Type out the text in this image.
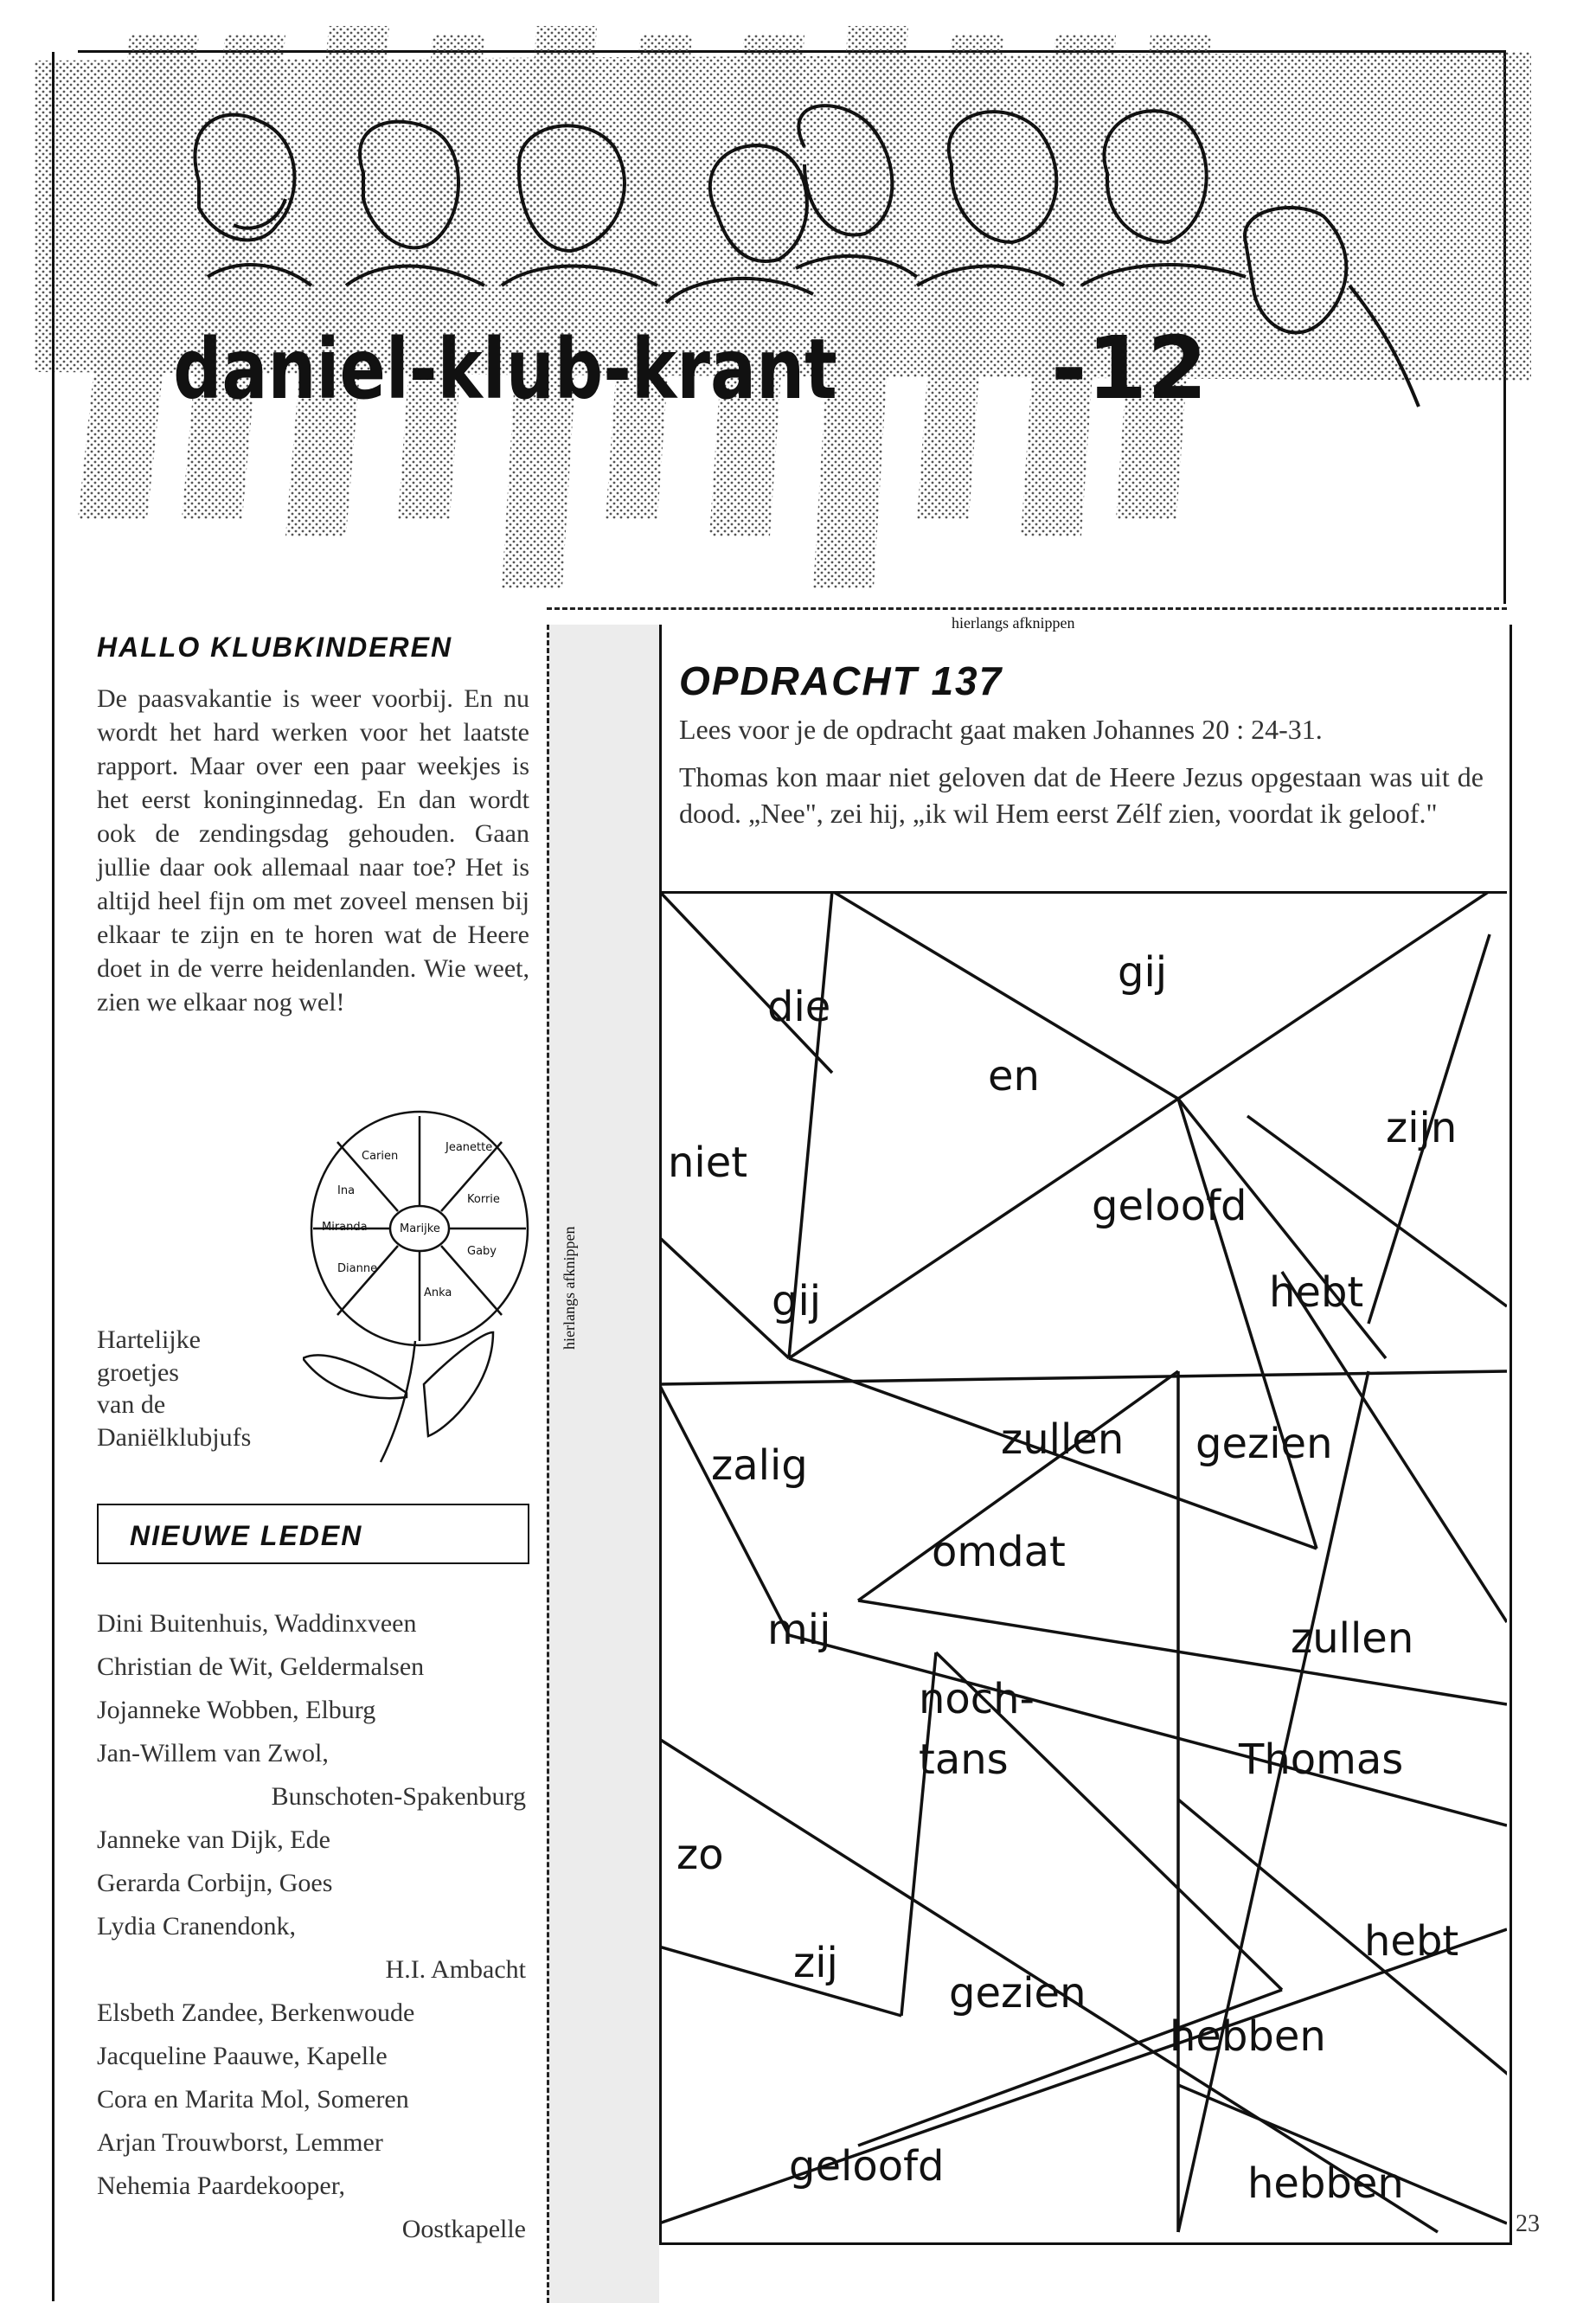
daniel-klub-krant -12
HALLO KLUBKINDEREN
De paasvakantie is weer voorbij. En nu wordt het hard werken voor het laatste rapport. Maar over een paar weekjes is het eerst koninginnedag. En dan wordt ook de zendingsdag gehouden. Gaan jullie daar ook allemaal naar toe? Het is altijd heel fijn om met zoveel mensen bij elkaar te zijn en te horen wat de Heere doet in de verre heidenlanden. Wie weet, zien we elkaar nog wel!
Carien
Jeanette
Ina
Marijke
Korrie
Miranda
Gaby
Dianne
Anka
Hartelijke
groetjes
van de
Daniëlklubjufs
NIEUWE LEDEN
Dini Buitenhuis, Waddinxveen
Christian de Wit, Geldermalsen
Jojanneke Wobben, Elburg
Jan-Willem van Zwol,
Bunschoten-Spakenburg
Janneke van Dijk, Ede
Gerarda Corbijn, Goes
Lydia Cranendonk,
H.I. Ambacht
Elsbeth Zandee, Berkenwoude
Jacqueline Paauwe, Kapelle
Cora en Marita Mol, Someren
Arjan Trouwborst, Lemmer
Nehemia Paardekooper,
Oostkapelle
hierlangs afknippen
hierlangs afknippen
OPDRACHT 137
Lees voor je de opdracht gaat maken Johannes 20 : 24-31.
Thomas kon maar niet geloven dat de Heere Jezus opgestaan was uit de dood. „Nee", zei hij, „ik wil Hem eerst Zélf zien, voordat ik geloof."
die
gij
en
zijn
niet
geloofd
hebt
gij
zalig
zullen gezien
omdat
mij	zullen
noch-
tans	Thomas
zo
zij
gezien
hebt
hebben
geloofd	hebben
23
